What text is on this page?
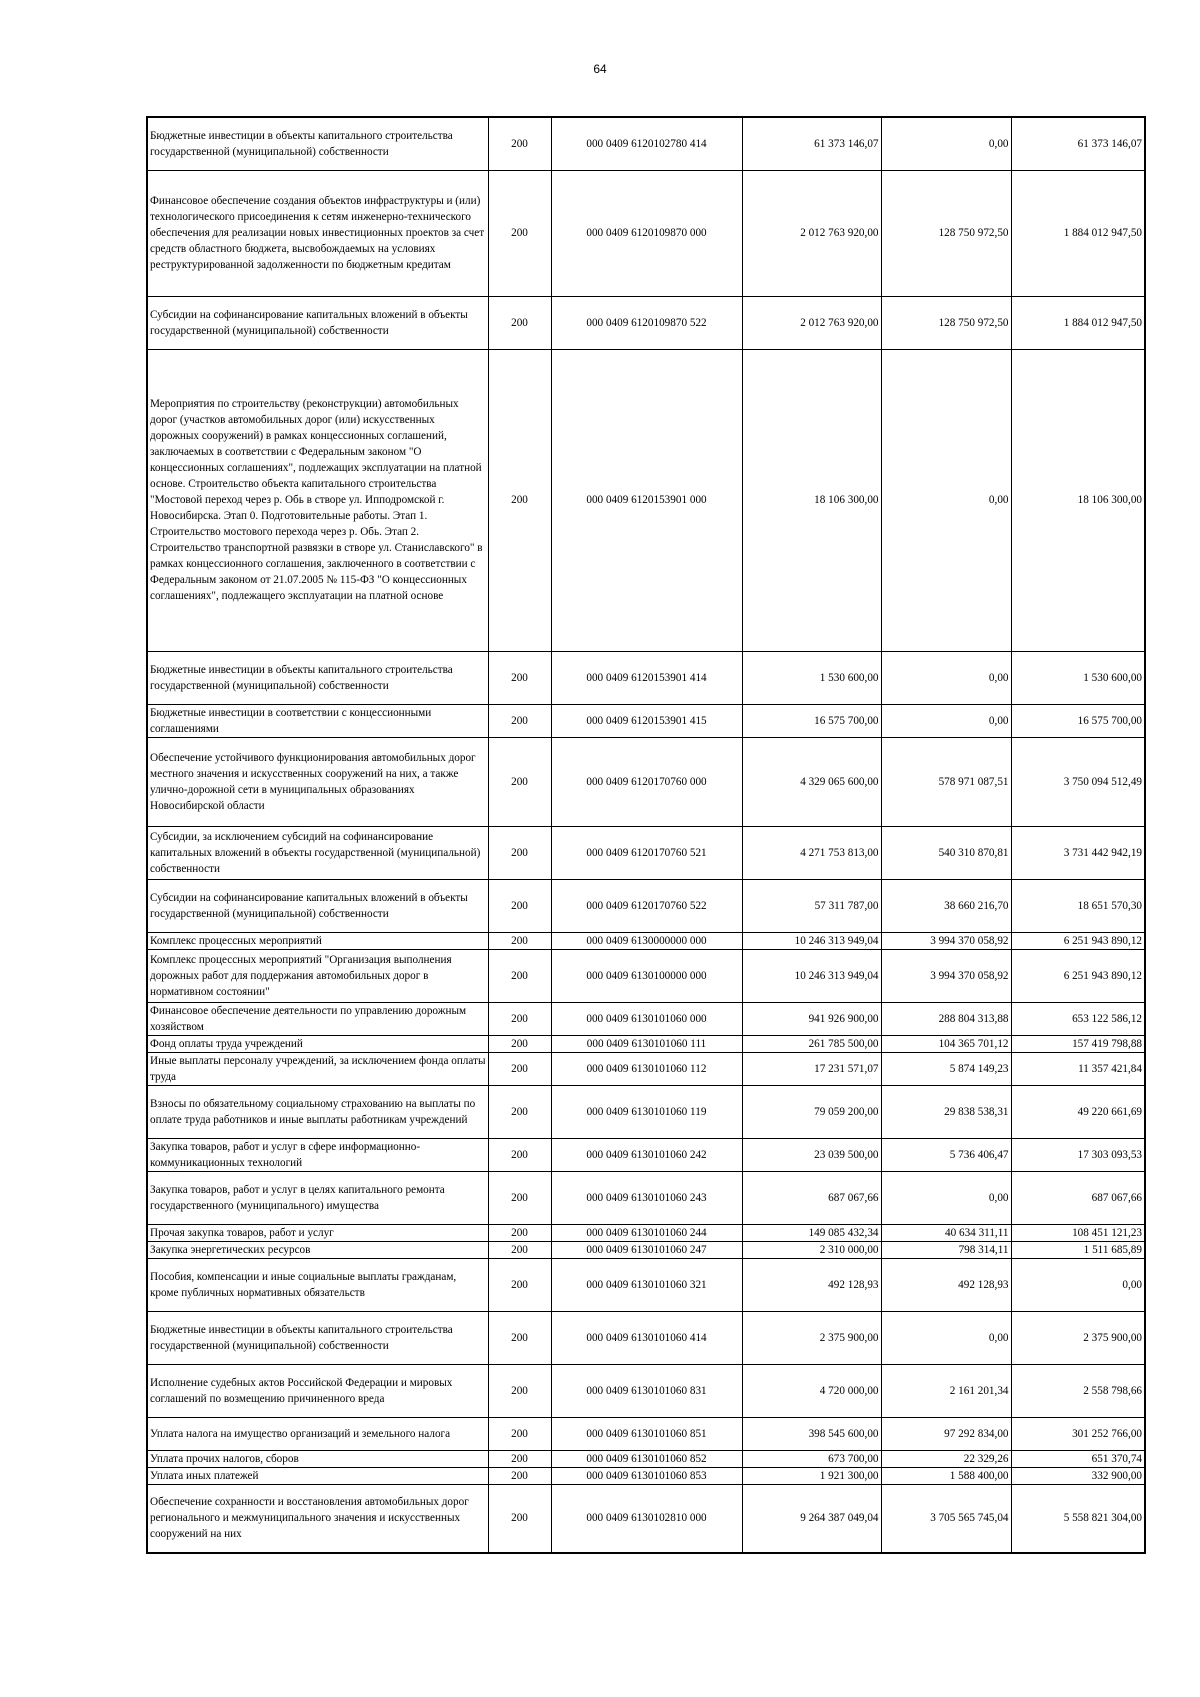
64
Бюджетные инвестиции в объекты капитального строительства государственной (муниципальной) собственности	200	000 0409 6120102780 414	61 373 146,07	0,00	61 373 146,07
Финансовое обеспечение создания объектов инфраструктуры и (или) технологического присоединения к сетям инженерно-технического обеспечения для реализации новых инвестиционных проектов за счет средств областного бюджета, высвобождаемых на условиях реструктурированной задолженности по бюджетным кредитам	200	000 0409 6120109870 000	2 012 763 920,00	128 750 972,50	1 884 012 947,50
Субсидии на софинансирование капитальных вложений в объекты государственной (муниципальной) собственности	200	000 0409 6120109870 522	2 012 763 920,00	128 750 972,50	1 884 012 947,50
Мероприятия по строительству (реконструкции) автомобильных дорог (участков автомобильных дорог (или) искусственных дорожных сооружений) в рамках концессионных соглашений, заключаемых в соответствии с Федеральным законом "О концессионных соглашениях", подлежащих эксплуатации на платной основе. Строительство объекта капитального строительства "Мостовой переход через р. Обь в створе ул. Ипподромской г. Новосибирска. Этап 0. Подготовительные работы. Этап 1. Строительство мостового перехода через р. Обь. Этап 2. Строительство транспортной развязки в створе ул. Станиславского" в рамках концессионного соглашения, заключенного в соответствии с Федеральным законом от 21.07.2005 № 115-ФЗ "О концессионных соглашениях", подлежащего эксплуатации на платной основе	200	000 0409 6120153901 000	18 106 300,00	0,00	18 106 300,00
Бюджетные инвестиции в объекты капитального строительства государственной (муниципальной) собственности	200	000 0409 6120153901 414	1 530 600,00	0,00	1 530 600,00
Бюджетные инвестиции в соответствии с концессионными соглашениями	200	000 0409 6120153901 415	16 575 700,00	0,00	16 575 700,00
Обеспечение устойчивого функционирования автомобильных дорог местного значения и искусственных сооружений на них, а также улично-дорожной сети в муниципальных образованиях Новосибирской области	200	000 0409 6120170760 000	4 329 065 600,00	578 971 087,51	3 750 094 512,49
Субсидии, за исключением субсидий на софинансирование капитальных вложений в объекты государственной (муниципальной) собственности	200	000 0409 6120170760 521	4 271 753 813,00	540 310 870,81	3 731 442 942,19
Субсидии на софинансирование капитальных вложений в объекты государственной (муниципальной) собственности	200	000 0409 6120170760 522	57 311 787,00	38 660 216,70	18 651 570,30
Комплекс процессных мероприятий	200	000 0409 6130000000 000	10 246 313 949,04	3 994 370 058,92	6 251 943 890,12
Комплекс процессных мероприятий "Организация выполнения дорожных работ для поддержания автомобильных дорог в нормативном состоянии"	200	000 0409 6130100000 000	10 246 313 949,04	3 994 370 058,92	6 251 943 890,12
Финансовое обеспечение деятельности по управлению дорожным хозяйством	200	000 0409 6130101060 000	941 926 900,00	288 804 313,88	653 122 586,12
Фонд оплаты труда учреждений	200	000 0409 6130101060 111	261 785 500,00	104 365 701,12	157 419 798,88
Иные выплаты персоналу учреждений, за исключением фонда оплаты труда	200	000 0409 6130101060 112	17 231 571,07	5 874 149,23	11 357 421,84
Взносы по обязательному социальному страхованию на выплаты по оплате труда работников и иные выплаты работникам учреждений	200	000 0409 6130101060 119	79 059 200,00	29 838 538,31	49 220 661,69
Закупка товаров, работ и услуг в сфере информационно-коммуникационных технологий	200	000 0409 6130101060 242	23 039 500,00	5 736 406,47	17 303 093,53
Закупка товаров, работ и услуг в целях капитального ремонта государственного (муниципального) имущества	200	000 0409 6130101060 243	687 067,66	0,00	687 067,66
Прочая закупка товаров, работ и услуг	200	000 0409 6130101060 244	149 085 432,34	40 634 311,11	108 451 121,23
Закупка энергетических ресурсов	200	000 0409 6130101060 247	2 310 000,00	798 314,11	1 511 685,89
Пособия, компенсации и иные социальные выплаты гражданам, кроме публичных нормативных обязательств	200	000 0409 6130101060 321	492 128,93	492 128,93	0,00
Бюджетные инвестиции в объекты капитального строительства государственной (муниципальной) собственности	200	000 0409 6130101060 414	2 375 900,00	0,00	2 375 900,00
Исполнение судебных актов Российской Федерации и мировых соглашений по возмещению причиненного вреда	200	000 0409 6130101060 831	4 720 000,00	2 161 201,34	2 558 798,66
Уплата налога на имущество организаций и земельного налога	200	000 0409 6130101060 851	398 545 600,00	97 292 834,00	301 252 766,00
Уплата прочих налогов, сборов	200	000 0409 6130101060 852	673 700,00	22 329,26	651 370,74
Уплата иных платежей	200	000 0409 6130101060 853	1 921 300,00	1 588 400,00	332 900,00
Обеспечение сохранности и восстановления автомобильных дорог регионального и межмуниципального значения и искусственных сооружений на них	200	000 0409 6130102810 000	9 264 387 049,04	3 705 565 745,04	5 558 821 304,00
